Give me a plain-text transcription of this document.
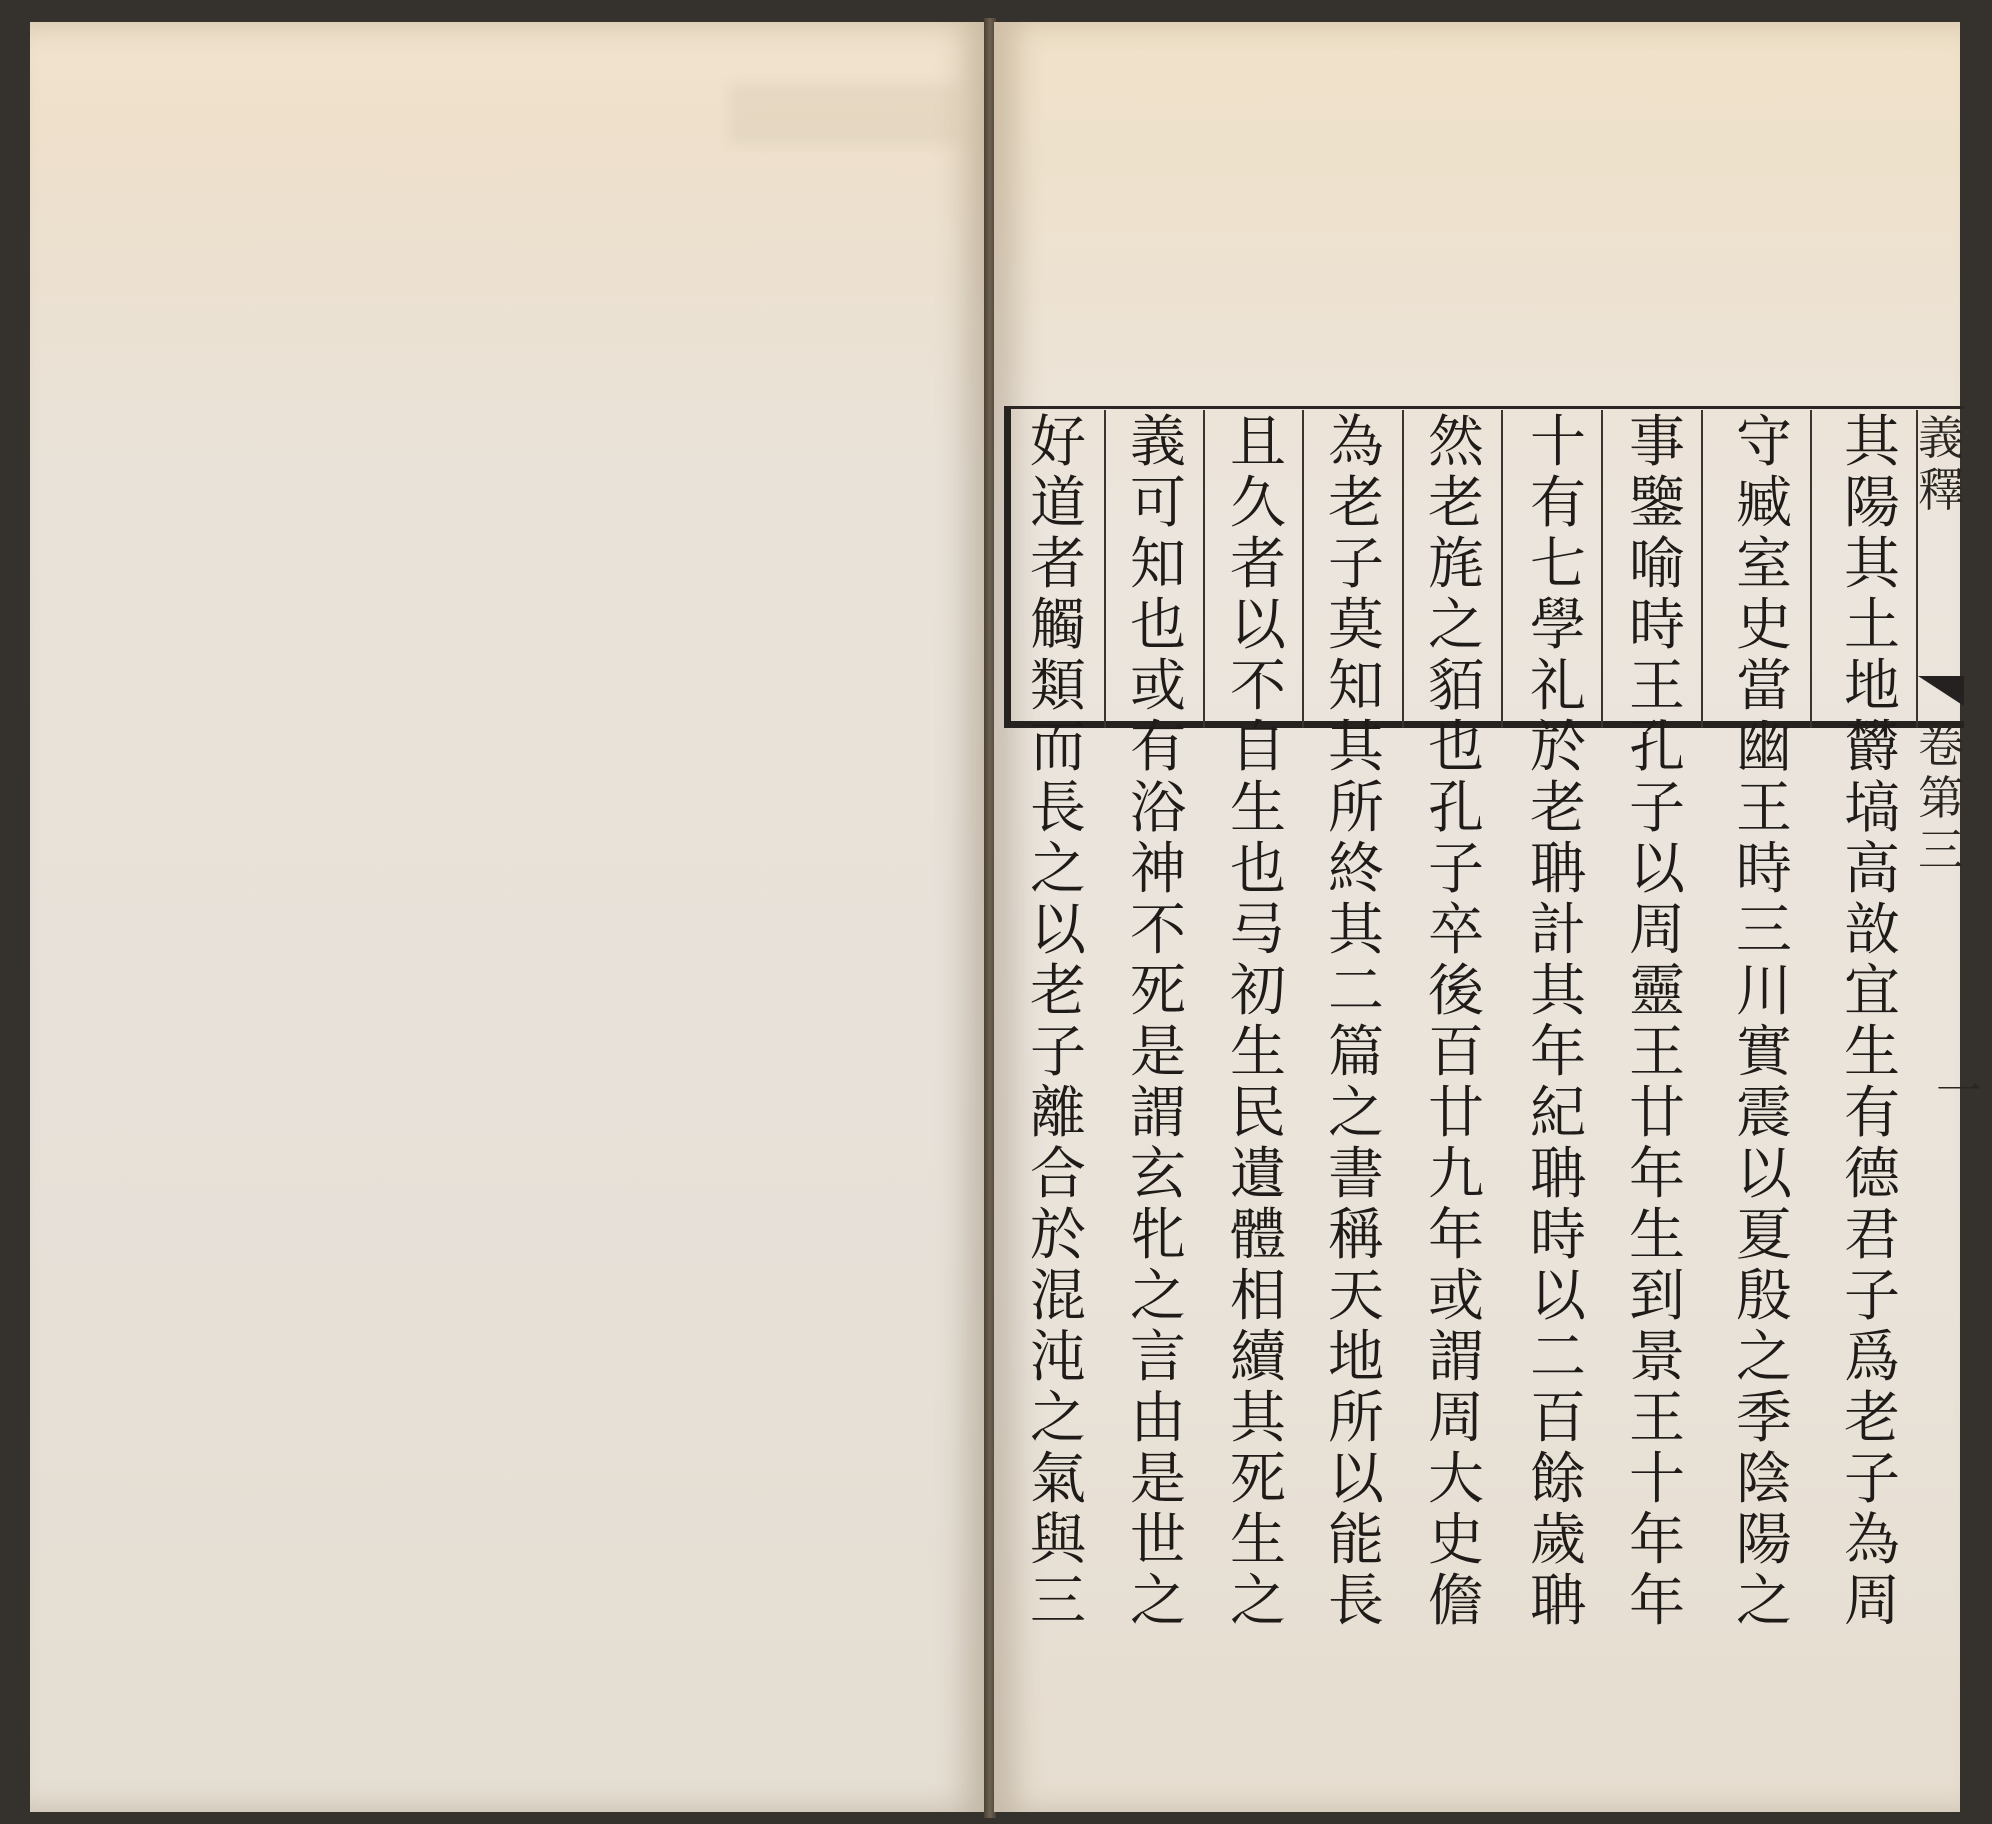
其
陽
其
土
地
欝
塙
高
敨
宜
生
有
德
君
子
爲
老
子
為
周
守
臧
室
史
當
幽
王
時
三
川
實
震
以
夏
殷
之
季
陰
陽
之
事
鑒
喻
時
王
孔
子
以
周
靈
王
廿
年
生
到
景
王
十
年
年
十
有
七
學
礼
於
老
聃
計
其
年
紀
聃
時
以
二
百
餘
歲
聃
然
老
旄
之
貊
也
孔
子
卒
後
百
廿
九
年
或
謂
周
大
史
儋
為
老
子
莫
知
其
所
終
其
二
篇
之
書
稱
天
地
所
以
能
長
且
久
者
以
不
自
生
也
㢧
初
生
民
遺
體
相
續
其
死
生
之
義
可
知
也
或
有
浴
神
不
死
是
謂
玄
牝
之
言
由
是
世
之
好
道
者
觸
類
而
長
之
以
老
子
離
合
於
混
沌
之
氣
與
三
義
釋
卷
第
三
一
